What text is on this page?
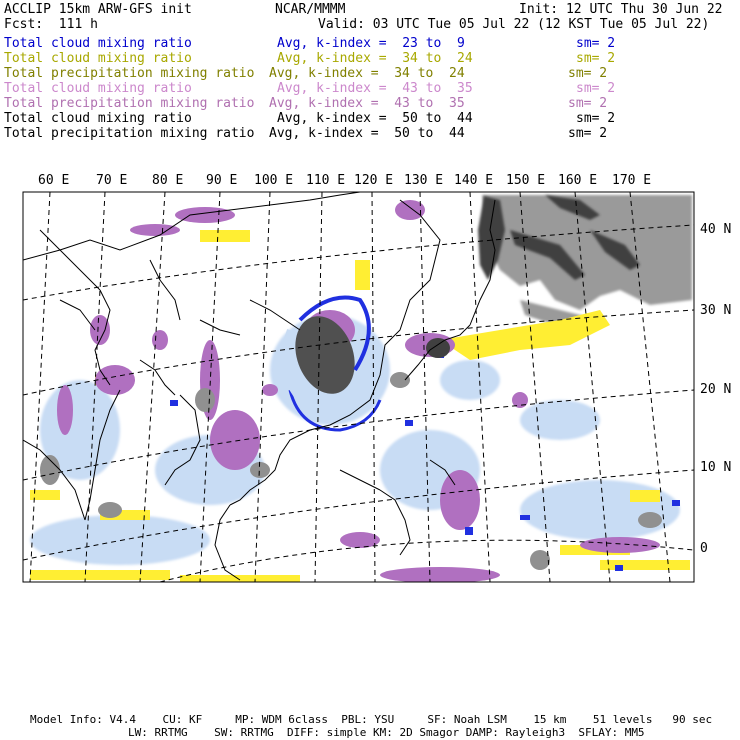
ACCLIP 15km ARW-GFS init	NCAR/MMMM	Init: 12 UTC Thu 30 Jun 22
Fcst:  111 h	Valid: 03 UTC Tue 05 Jul 22 (12 KST Tue 05 Jul 22)
Total cloud mixing ratio	Avg, k-index =  23 to  9	sm= 2
Total cloud mixing ratio	Avg, k-index =  34 to  24	sm= 2
Total precipitation mixing ratio Avg, k-index =  34 to  24	sm= 2
Total cloud mixing ratio	Avg, k-index =  43 to  35	sm= 2
Total precipitation mixing ratio Avg, k-index =  43 to  35	sm= 2
Total cloud mixing ratio	Avg, k-index =  50 to  44	sm= 2
Total precipitation mixing ratio Avg, k-index =  50 to  44	sm= 2
60 E 70 E 80 E 90 E 100 E 110 E 120 E 130 E 140 E 150 E 160 E 170 E
40 N
30 N
20 N
10 N
0
Model Info: V4.4    CU: KF     MP: WDM 6class  PBL: YSU     SF: Noah LSM    15 km    51 levels   90 sec
LW: RRTMG    SW: RRTMG  DIFF: simple KM: 2D Smagor DAMP: Rayleigh3  SFLAY: MM5
